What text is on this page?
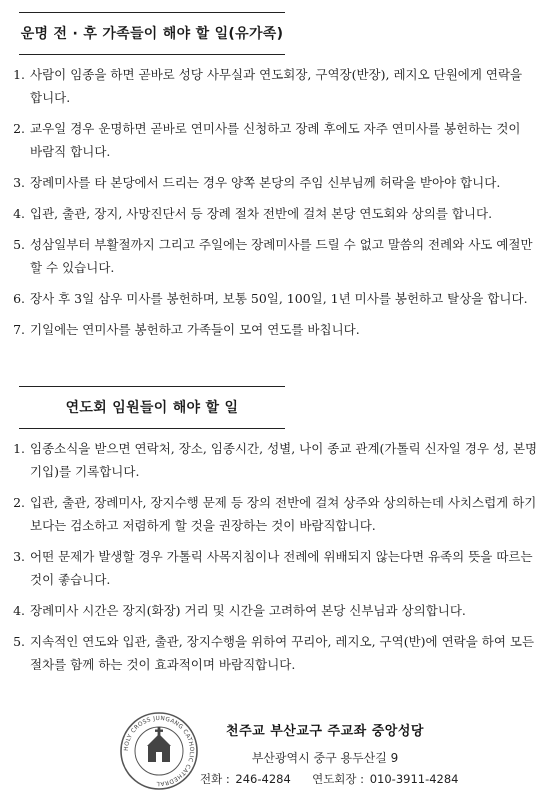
운명 전 · 후 가족들이 해야 할 일(유가족)
1. 사람이 임종을 하면 곧바로 성당 사무실과 연도회장, 구역장(반장), 레지오 단원에게 연락을 합니다.
2. 교우일 경우 운명하면 곧바로 연미사를 신청하고 장례 후에도 자주 연미사를 봉헌하는 것이 바람직 합니다.
3. 장례미사를 타 본당에서 드리는 경우 양쪽 본당의 주임 신부님께 허락을 받아야 합니다.
4. 입관, 출관, 장지, 사망진단서 등 장례 절차 전반에 걸쳐 본당 연도회와 상의를 합니다.
5. 성삼일부터 부활절까지 그리고 주일에는 장례미사를 드릴 수 없고 말씀의 전례와 사도 예절만 할 수 있습니다.
6. 장사 후 3일 삼우 미사를 봉헌하며, 보통 50일, 100일, 1년 미사를 봉헌하고 탈상을 합니다.
7. 기일에는 연미사를 봉헌하고 가족들이 모여 연도를 바칩니다.
연도회 임원들이 해야 할 일
1. 임종소식을 받으면 연락처, 장소, 임종시간, 성별, 나이 종교 관계(가톨릭 신자일 경우 성, 본명 기입)를 기록합니다.
2. 입관, 출관, 장례미사, 장지수행 문제 등 장의 전반에 걸쳐 상주와 상의하는데 사치스럽게 하기 보다는 검소하고 저렴하게 할 것을 권장하는 것이 바람직합니다.
3. 어떤 문제가 발생할 경우 가톨릭 사목지침이나 전례에 위배되지 않는다면 유족의 뜻을 따르는 것이 좋습니다.
4. 장례미사 시간은 장지(화장) 거리 및 시간을 고려하여 본당 신부님과 상의합니다.
5. 지속적인 연도와 입관, 출관, 장지수행을 위하여 꾸리아, 레지오, 구역(반)에 연락을 하여 모든 절차를 함께 하는 것이 효과적이며 바람직합니다.
HOLY CROSS JUNGANG CATHOLIC CATHEDRAL
천주교 부산교구 주교좌 중앙성당
부산광역시 중구 용두산길 9
전화 : 246-4284 연도회장 : 010-3911-4284
